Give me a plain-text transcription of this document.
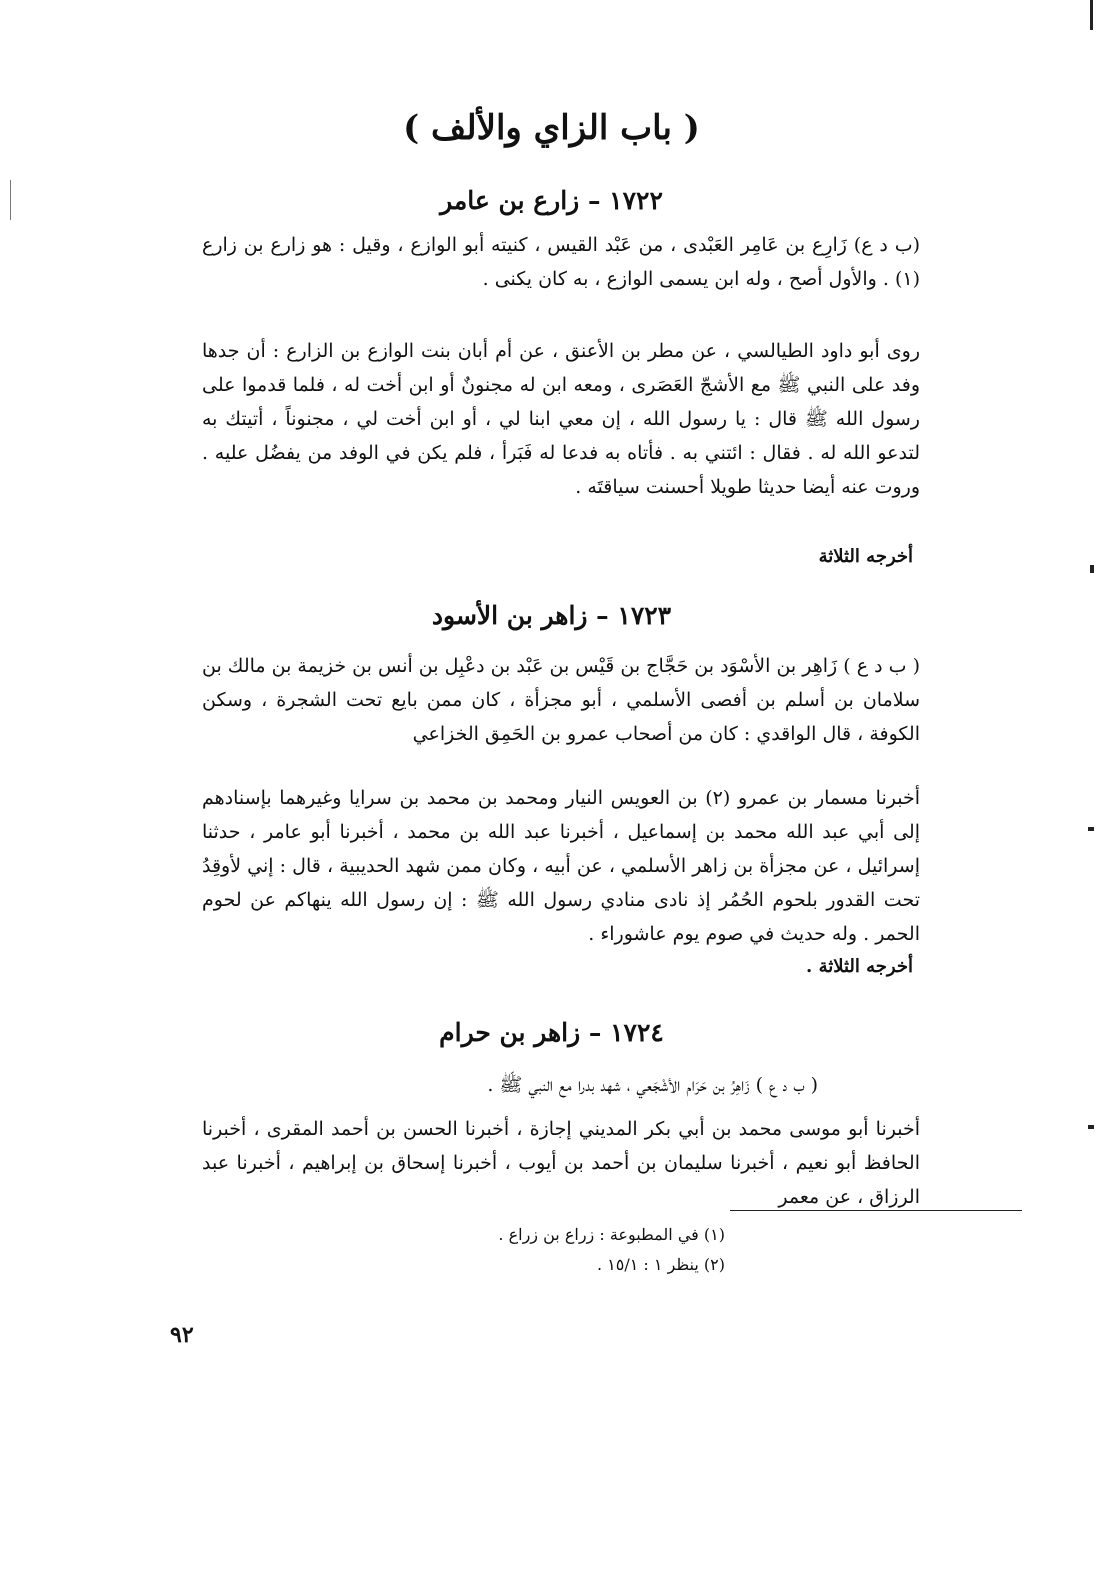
( باب الزاي والألف )
١٧٢٢ – زارع بن عامر

(ب د ع) زَارِع بن عَامِر العَبْدى ، من عَبْد القيس ، كنيته أبو الوازع ، وقيل : هو زارع بن زارع (١) . والأول أصح ، وله ابن يسمى الوازع ، به كان يكنى .

روى أبو داود الطيالسي ، عن مطر بن الأعنق ، عن أم أبان بنت الوازع بن الزارع : أن جدها وفد على النبي ﷺ مع الأشجّ العَصَرى ، ومعه ابن له مجنونٌ أو ابن أخت له ، فلما قدموا على رسول الله ﷺ قال : يا رسول الله ، إن معي ابنا لي ، أو ابن أخت لي ، مجنوناً ، أتيتك به لتدعو الله له . فقال : ائتني به . فأتاه به فدعا له فَبَرأ ، فلم يكن في الوفد من يفضُل عليه . وروت عنه أيضا حديثا طويلا أحسنت سياقتَه .

أخرجه الثلاثة
١٧٢٣ – زاهر بن الأسود

( ب د ع ) زَاهِر بن الأسْوَد بن حَجَّاج بن قَيْس بن عَبْد بن دعْبِل بن أنس بن خزيمة بن مالك بن سلامان بن أسلم بن أفصى الأسلمي ، أبو مجزأة ، كان ممن بايع تحت الشجرة ، وسكن الكوفة ، قال الواقدي : كان من أصحاب عمرو بن الحَمِق الخزاعي

أخبرنا مسمار بن عمرو (٢) بن العويس النيار ومحمد بن محمد بن سرايا وغيرهما بإسنادهم إلى أبي عبد الله محمد بن إسماعيل ، أخبرنا عبد الله بن محمد ، أخبرنا أبو عامر ، حدثنا إسرائيل ، عن مجزأة بن زاهر الأسلمي ، عن أبيه ، وكان ممن شهد الحديبية ، قال : إني لأوقِدُ تحت القدور بلحوم الحُمُر إذ نادى منادي رسول الله ﷺ : إن رسول الله ينهاكم عن لحوم الحمر . وله حديث في صوم يوم عاشوراء .

أخرجه الثلاثة .
١٧٢٤ – زاهر بن حرام

( ب د ع ) زَاهِرُ بن حَرَام الأشْجَعي ، شهد بدرا مع النبي ﷺ .

أخبرنا أبو موسى محمد بن أبي بكر المديني إجازة ، أخبرنا الحسن بن أحمد المقرى ، أخبرنا الحافظ أبو نعيم ، أخبرنا سليمان بن أحمد بن أيوب ، أخبرنا إسحاق بن إبراهيم ، أخبرنا عبد الرزاق ، عن معمر

(١) في المطبوعة : زراع بن زراع .
(٢) ينظر ١ : ١٥/١ .
٩٢
